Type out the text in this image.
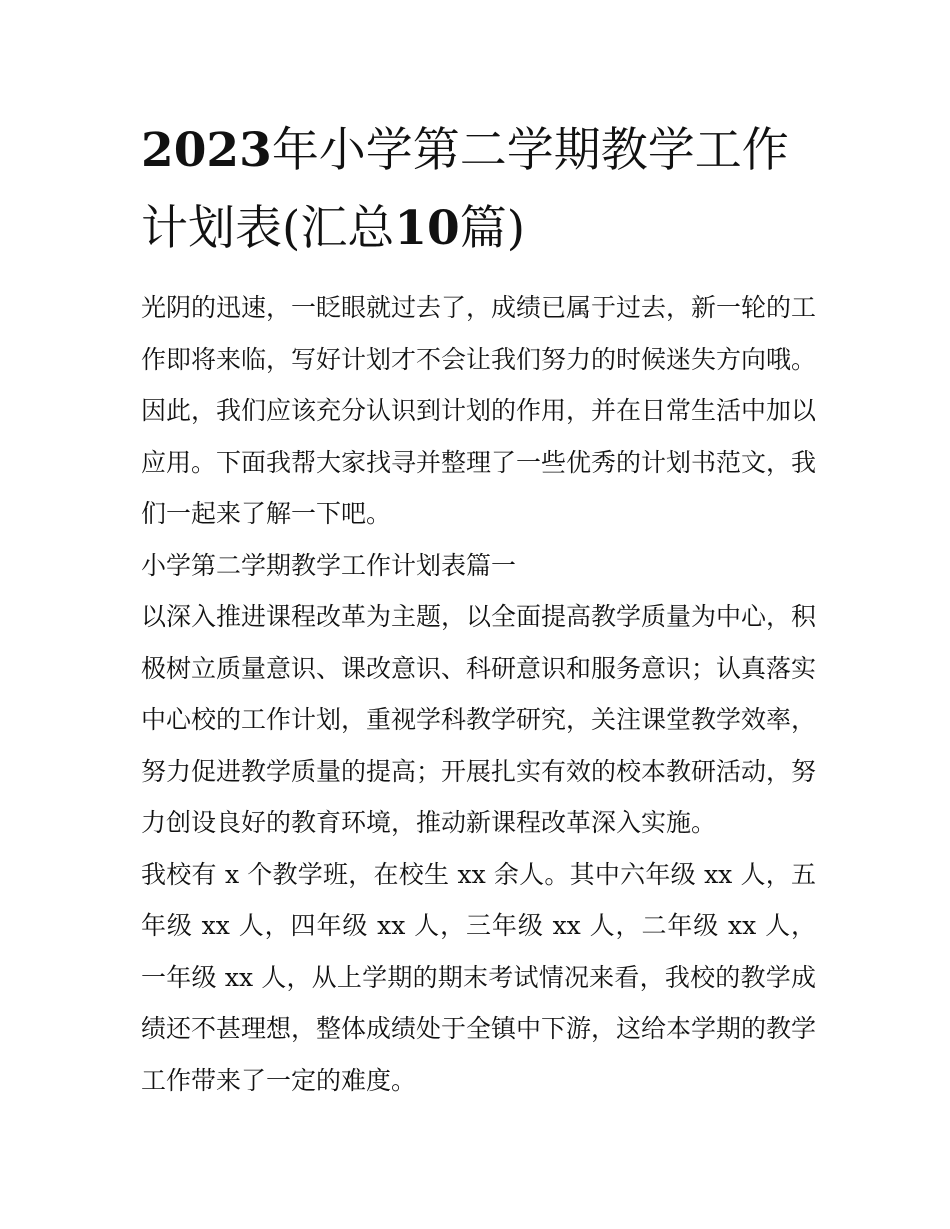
2023年小学第二学期教学工作计划表(汇总10篇)

光阴的迅速，一眨眼就过去了，成绩已属于过去，新一轮的工作即将来临，写好计划才不会让我们努力的时候迷失方向哦。因此，我们应该充分认识到计划的作用，并在日常生活中加以应用。下面我帮大家找寻并整理了一些优秀的计划书范文，我们一起来了解一下吧。

小学第二学期教学工作计划表篇一

以深入推进课程改革为主题，以全面提高教学质量为中心，积极树立质量意识、课改意识、科研意识和服务意识；认真落实中心校的工作计划，重视学科教学研究，关注课堂教学效率，努力促进教学质量的提高；开展扎实有效的校本教研活动，努力创设良好的教育环境，推动新课程改革深入实施。

我校有 x 个教学班，在校生 xx 余人。其中六年级 xx 人，五年级 xx 人，四年级 xx 人，三年级 xx 人，二年级 xx 人，一年级 xx 人，从上学期的期末考试情况来看，我校的教学成绩还不甚理想，整体成绩处于全镇中下游，这给本学期的教学工作带来了一定的难度。
